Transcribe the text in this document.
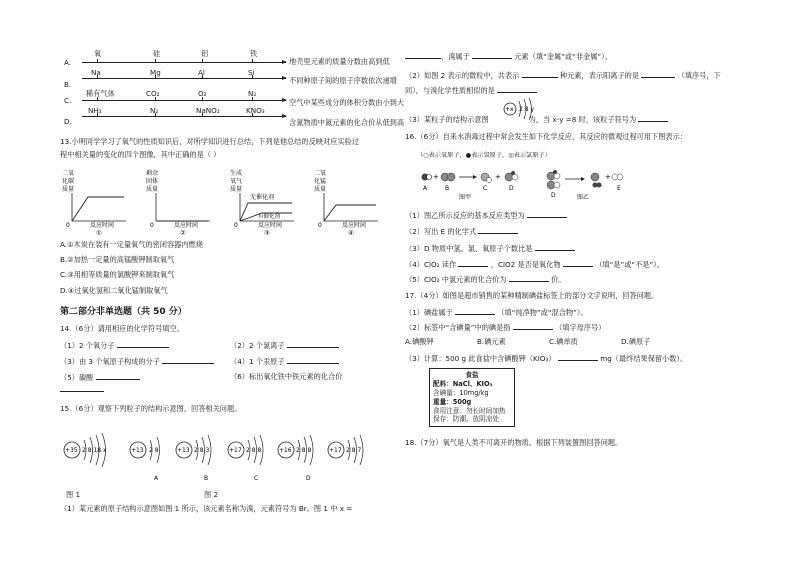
A.
氧	硅	铝	铁
地壳里元素的质量分数由高到低
B.
Na	Mg	Al	Si
不同种原子间的原子序数依次递增
C.
稀有气体	CO₂	O₂	N₂
空气中某些成分的体积分数由小到大
D.
NH₃	N₂	NaNO₂	KNO₃
含氮物质中氮元素的化合价从低到高
13.小明同学学习了氧气的性质知识后，对所学知识进行总结，下列是他总结的反映对应实验过
程中相关量的变化的四个图像，其中正确的是（ ）
二氧
化碳
质量
0	反应时间
剩余
固体
质量
0	反应时间
生成
氧气
质量
无催化剂
有催化剂
0	反应时间
二氧
化锰
质量
0	反应时间
①	②	③	④
A.①木炭在装有一定量氧气的密闭容器内燃烧
B.②加热一定量的高锰酸钾制取氧气
C.③用相等质量的氯酸钾来制取氧气
D.④过氧化氢和二氧化锰制取氧气
第二部分非单选题（共 50 分）
14.（6分）请用相应的化学符号填空。
（1）2 个氧分子	（2）2 个氯离子
（3）由 3 个氧原子构成的分子	（4）1 个汞原子
（5）碳酸	（6）标出氧化铁中铁元素的化合价
15.（6分）观察下列粒子的结构示意图，回答相关问题。
+35 2 8 18 x	+13 2 8	+13 2 8 3	+17 2 8 8	+16 2 8 8	+17 2 8 7
A	B	C	D
图 1	图 2
（1）某元素的原子结构示意图如图 1 所示，该元素名称为溴，元素符号为 Br。图 1 中 x =
，溴属于	元素（填“金属”或“非金属”）。
（2）如图 2 表示的微粒中，共表示	种元素，表示阳离子的是	（填序号，下
同），与溴化学性质相似的是
+x 2 8 y
（3）某粒子的结构示意图	为，当 x-y =8 时，该粒子符号为
16.（6分）自来水消毒过程中常会发生如下化学反应，其反应的微观过程可用下图表示：
（○表示氧原子，●表示氢原子，◎表示氯原子）
+	+
A	B	C	D
图甲
+
D
E
图乙
（1）图乙所示反应的基本反应类型为
（2）写出 E 的化学式
（3）D 物质中氢、氯、氧原子个数比是
（4）ClO₂ 读作	，ClO2 是否是氧化物	（填“是”或“不是”）。
（5）ClO₂ 中氯元素的化合价为	价。
17.（4分）如图是超市销售的某种精制碘盐标签上的部分文字说明，回答问题。
（1）碘盐属于	（填“纯净物”或“混合物”）。
（2）标签中“含碘量”中的碘是指	（填字母序号）
A.碘酸钾	B.碘元素	C.碘单质	D.碘原子
（3）计算：500 g 此食盐中含碘酸钾（KIO₃）	mg（最终结果保留小数）。
食盐
配料：NaCl、KIO₃
含碘量：10mg/kg
重量：500g
食用注意：勿长时间加热
保存：防潮、放阴凉处
18.（7分）氧气是人类不可离开的物质。根据下列装置图回答问题。
